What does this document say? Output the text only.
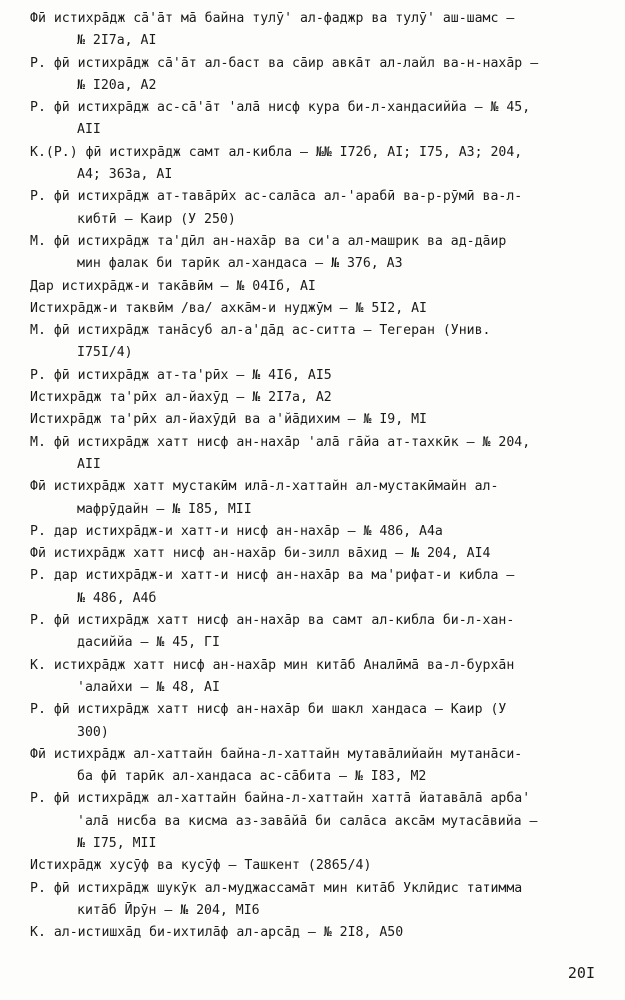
Фӣ истихрāдж сā'āт мā байна тулӯ' ал-фаджр ва тулӯ' аш-шамс –
№ 2I7a, AI
Р. фӣ истихрāдж сā'āт ал-баст ва сāир авкāт ал-лайл ва-н-нахāр –
№ I20a, A2
Р. фӣ истихрāдж ас-сā'āт 'алā нисф кура би-л-хандасиййа – № 45,
AII
К.(Р.) фӣ истихрāдж самт ал-кибла – №№ I72б, AI; I75, A3; 204,
A4; 363а, AI
Р. фӣ истихрāдж ат-тавāрӣх ас-салāса ал-'арабӣ ва-р-рӯмӣ ва-л-
кибтӣ – Каир (У 250)
М. фӣ истихрāдж та'дӣл ан-нахāр ва си'а ал-машрик ва ад-дāир
мин фалак би тарӣк ал-хандаса – № 376, A3
Дар истихрāдж-и такāвӣм – № 04Iб, AI
Истихрāдж-и таквӣм /ва/ ахкāм-и нуджӯм – № 5I2, AI
М. фӣ истихрāдж танāсуб ал-а'дāд ас-ситта – Тегеран (Унив.
I75I/4)
Р. фӣ истихрāдж ат-та'рӣх – № 4I6, AI5
Истихрāдж та'рӣх ал-йахӯд – № 2I7a, A2
Истихрāдж та'рӣх ал-йахӯдӣ ва а'йāдихим – № I9, MI
М. фӣ истихрāдж хатт нисф ан-нахāр 'алā гāйа ат-тахкӣк – № 204,
AII
Фӣ истихрāдж хатт мустакӣм илā-л-хаттайн ал-мустакӣмайн ал-
мафрӯдайн – № I85, MII
Р. дар истихрāдж-и хатт-и нисф ан-нахāр – № 486, A4a
Фӣ истихрāдж хатт нисф ан-нахāр би-зилл вāхид – № 204, AI4
Р. дар истихрāдж-и хатт-и нисф ан-нахāр ва ма'рифат-и кибла –
№ 486, A4б
Р. фӣ истихрāдж хатт нисф ан-нахāр ва самт ал-кибла би-л-хан-
дасиййа – № 45, ГI
К. истихрāдж хатт нисф ан-нахāр мин китāб Аналӣмā ва-л-бурхāн
'алайхи – № 48, AI
Р. фӣ истихрāдж хатт нисф ан-нахāр би шакл хандаса – Каир (У
300)
Фӣ истихрāдж ал-хаттайн байна-л-хаттайн мутавāлийайн мутанāси-
ба фӣ тарӣк ал-хандаса ас-сāбита – № I83, M2
Р. фӣ истихрāдж ал-хаттайн байна-л-хаттайн хаттā йатавāлā арба'
'алā нисба ва кисма аз-завāйā би салāса аксāм мутасāвийа –
№ I75, MII
Истихрāдж хусӯф ва кусӯф – Ташкент (2865/4)
Р. фӣ истихрāдж шукӯк ал-муджассамāт мин китāб Уклӣдис татимма
китāб Ӣрӯн – № 204, MI6
К. ал-истишхāд би-ихтилāф ал-арсāд – № 2I8, A50
20I
